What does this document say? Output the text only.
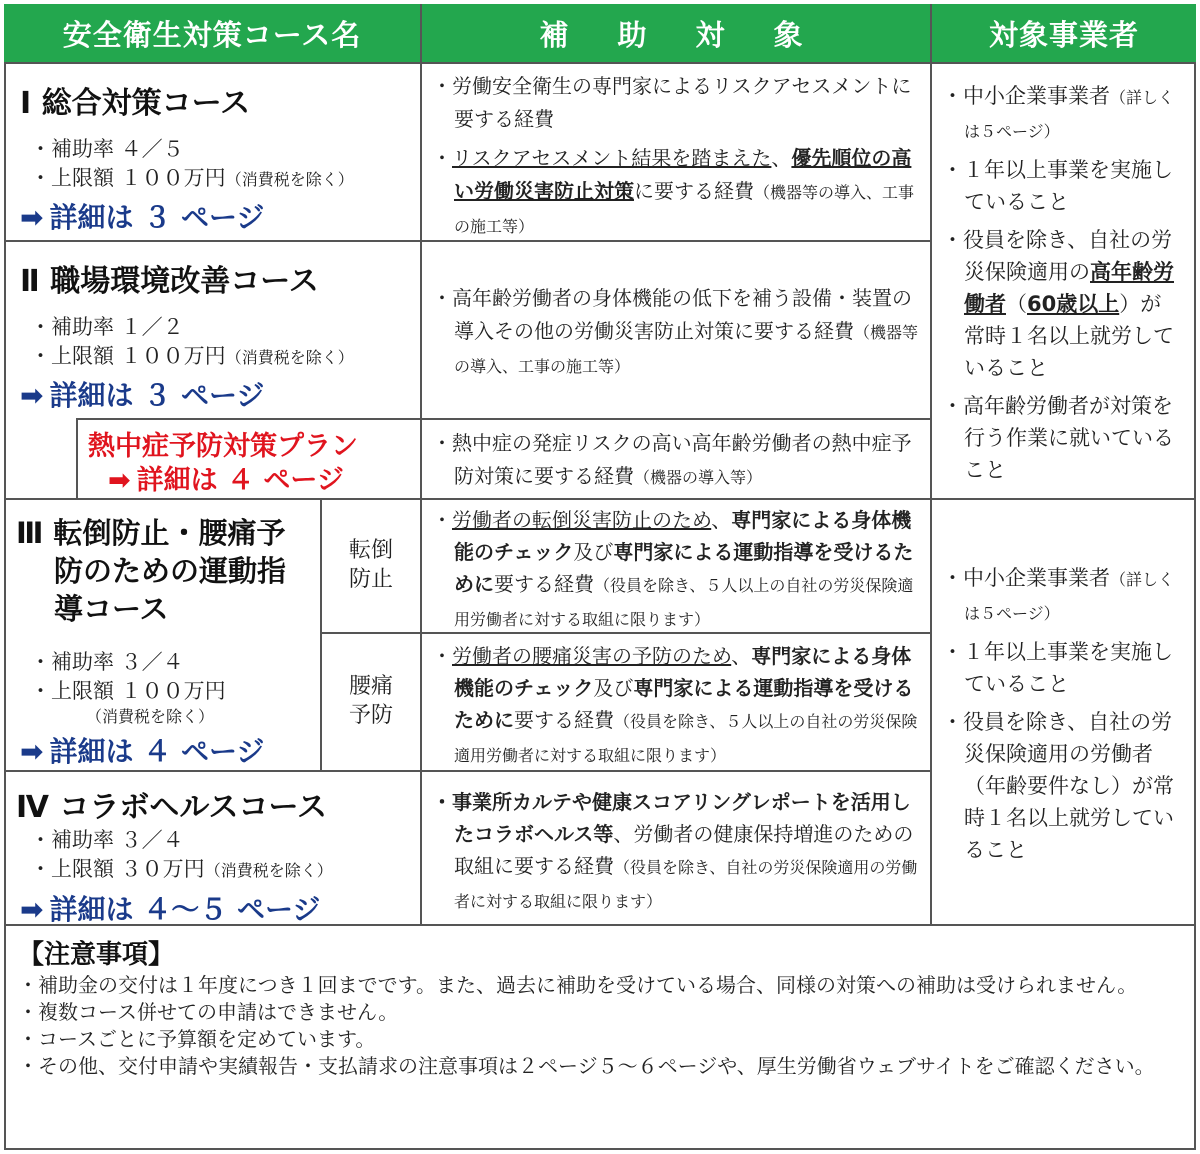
安全衛生対策コース名	補　助　対　象	対象事業者
Ⅰ 総合対策コース
・補助率 ４／５
・上限額 １００万円（消費税を除く）
➡ 詳細は ３ ページ
Ⅱ 職場環境改善コース
・補助率 １／２
・上限額 １００万円（消費税を除く）
➡ 詳細は ３ ページ
熱中症予防対策プラン
➡ 詳細は ４ ページ
Ⅲ 転倒防止・腰痛予
防のための運動指
導コース
・補助率 ３／４
・上限額 １００万円
（消費税を除く）
➡ 詳細は ４ ページ
転倒
防止
腰痛
予防
Ⅳ コラボヘルスコース
・補助率 ３／４
・上限額 ３０万円（消費税を除く）
➡ 詳細は ４～５ ページ

・労働安全衛生の専門家によるリスクアセスメントに要する経費

・リスクアセスメント結果を踏まえた、優先順位の高い労働災害防止対策に要する経費（機器等の導入、工事の施工等）

・高年齢労働者の身体機能の低下を補う設備・装置の導入その他の労働災害防止対策に要する経費（機器等の導入、工事の施工等）

・熱中症の発症リスクの高い高年齢労働者の熱中症予防対策に要する経費（機器の導入等）

・労働者の転倒災害防止のため、専門家による身体機能のチェック及び専門家による運動指導を受けるために要する経費（役員を除き、５人以上の自社の労災保険適用労働者に対する取組に限ります）

・労働者の腰痛災害の予防のため、専門家による身体機能のチェック及び専門家による運動指導を受けるために要する経費（役員を除き、５人以上の自社の労災保険適用労働者に対する取組に限ります）

・事業所カルテや健康スコアリングレポートを活用したコラボヘルス等、労働者の健康保持増進のための取組に要する経費（役員を除き、自社の労災保険適用の労働者に対する取組に限ります）

・中小企業事業者（詳しくは５ページ）

・１年以上事業を実施していること

・役員を除き、自社の労災保険適用の高年齢労働者（60歳以上）が常時１名以上就労していること

・高年齢労働者が対策を行う作業に就いていること

・中小企業事業者（詳しくは５ページ）

・１年以上事業を実施していること

・役員を除き、自社の労災保険適用の労働者（年齢要件なし）が常時１名以上就労していること

【注意事項】

・補助金の交付は１年度につき１回までです。また、過去に補助を受けている場合、同様の対策への補助は受けられません。

・複数コース併せての申請はできません。

・コースごとに予算額を定めています。

・その他、交付申請や実績報告・支払請求の注意事項は２ページ５～６ページや、厚生労働省ウェブサイトをご確認ください。
